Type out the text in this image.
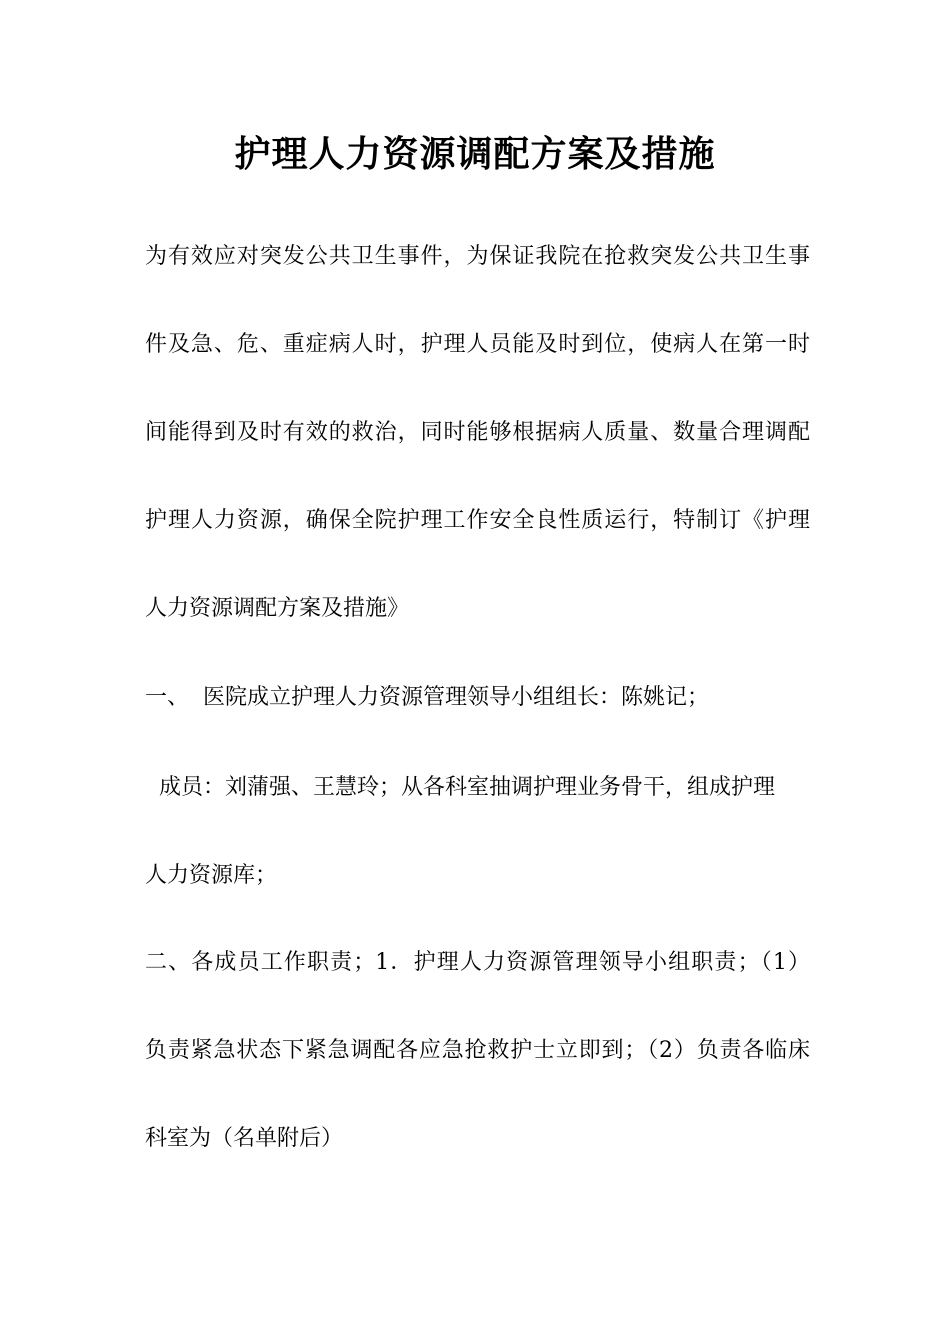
护理人力资源调配方案及措施
为有效应对突发公共卫生事件，为保证我院在抢救突发公共卫生事
件及急、危、重症病人时，护理人员能及时到位，使病人在第一时
间能得到及时有效的救治，同时能够根据病人质量、数量合理调配
护理人力资源，确保全院护理工作安全良性质运行，特制订《护理
人力资源调配方案及措施》
一、  医院成立护理人力资源管理领导小组组长：陈姚记；
成员：刘蒲强、王慧玲；从各科室抽调护理业务骨干，组成护理
人力资源库；
二、各成员工作职责；1．护理人力资源管理领导小组职责；（1）
负责紧急状态下紧急调配各应急抢救护士立即到；（2）负责各临床
科室为（名单附后）
